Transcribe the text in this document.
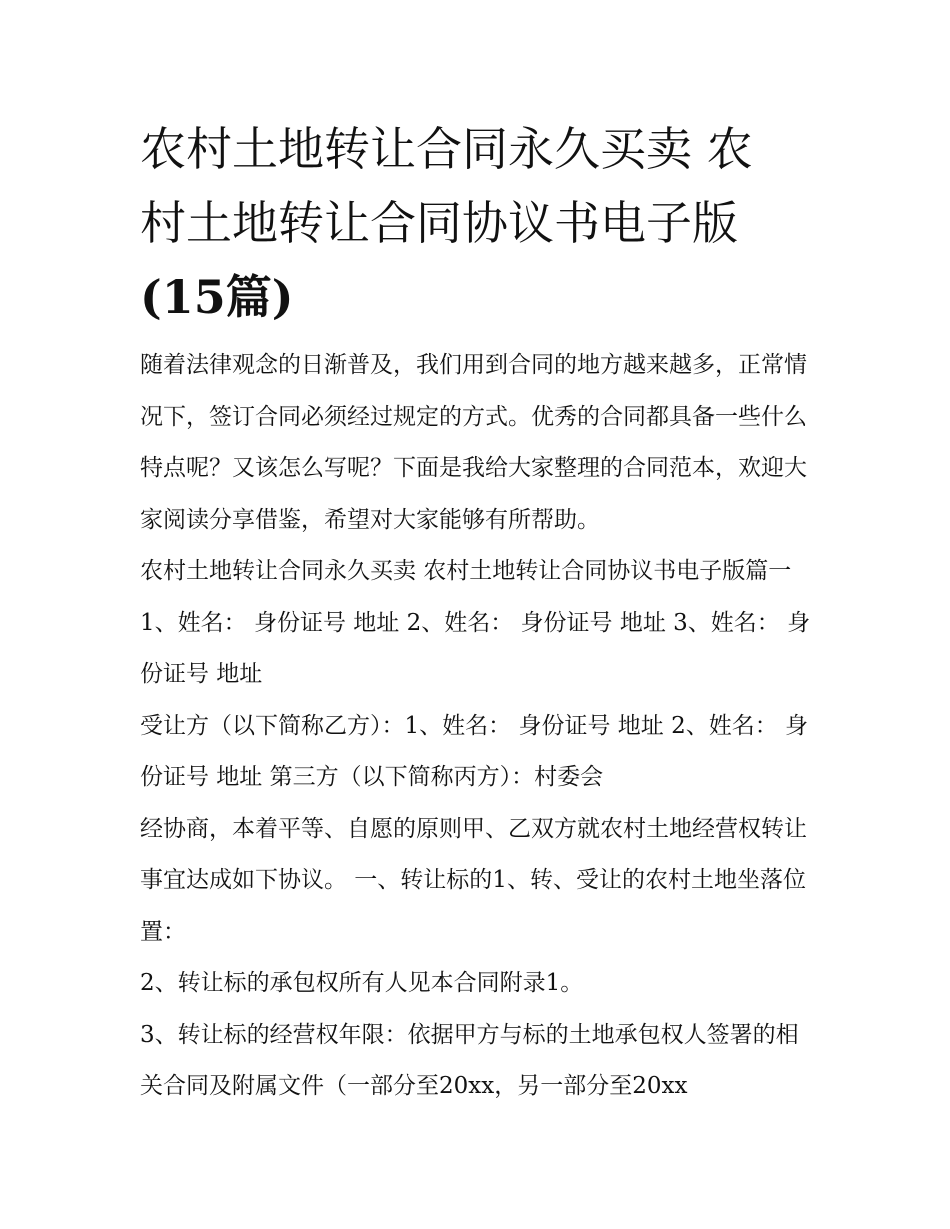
农村土地转让合同永久买卖 农
村土地转让合同协议书电子版
(15篇)

随着法律观念的日渐普及，我们用到合同的地方越来越多，正常情况下，签订合同必须经过规定的方式。优秀的合同都具备一些什么特点呢？又该怎么写呢？下面是我给大家整理的合同范本，欢迎大家阅读分享借鉴，希望对大家能够有所帮助。

农村土地转让合同永久买卖 农村土地转让合同协议书电子版篇一1、姓名： 身份证号 地址 2、姓名： 身份证号 地址 3、姓名： 身份证号 地址

受让方（以下简称乙方）：1、姓名： 身份证号 地址 2、姓名： 身份证号 地址 第三方（以下简称丙方）：村委会

经协商，本着平等、自愿的原则甲、乙双方就农村土地经营权转让事宜达成如下协议。 一、转让标的1、转、受让的农村土地坐落位置：

2、转让标的承包权所有人见本合同附录1。

3、转让标的经营权年限：依据甲方与标的土地承包权人签署的相关合同及附属文件（一部分至20xx，另一部分至20xx
